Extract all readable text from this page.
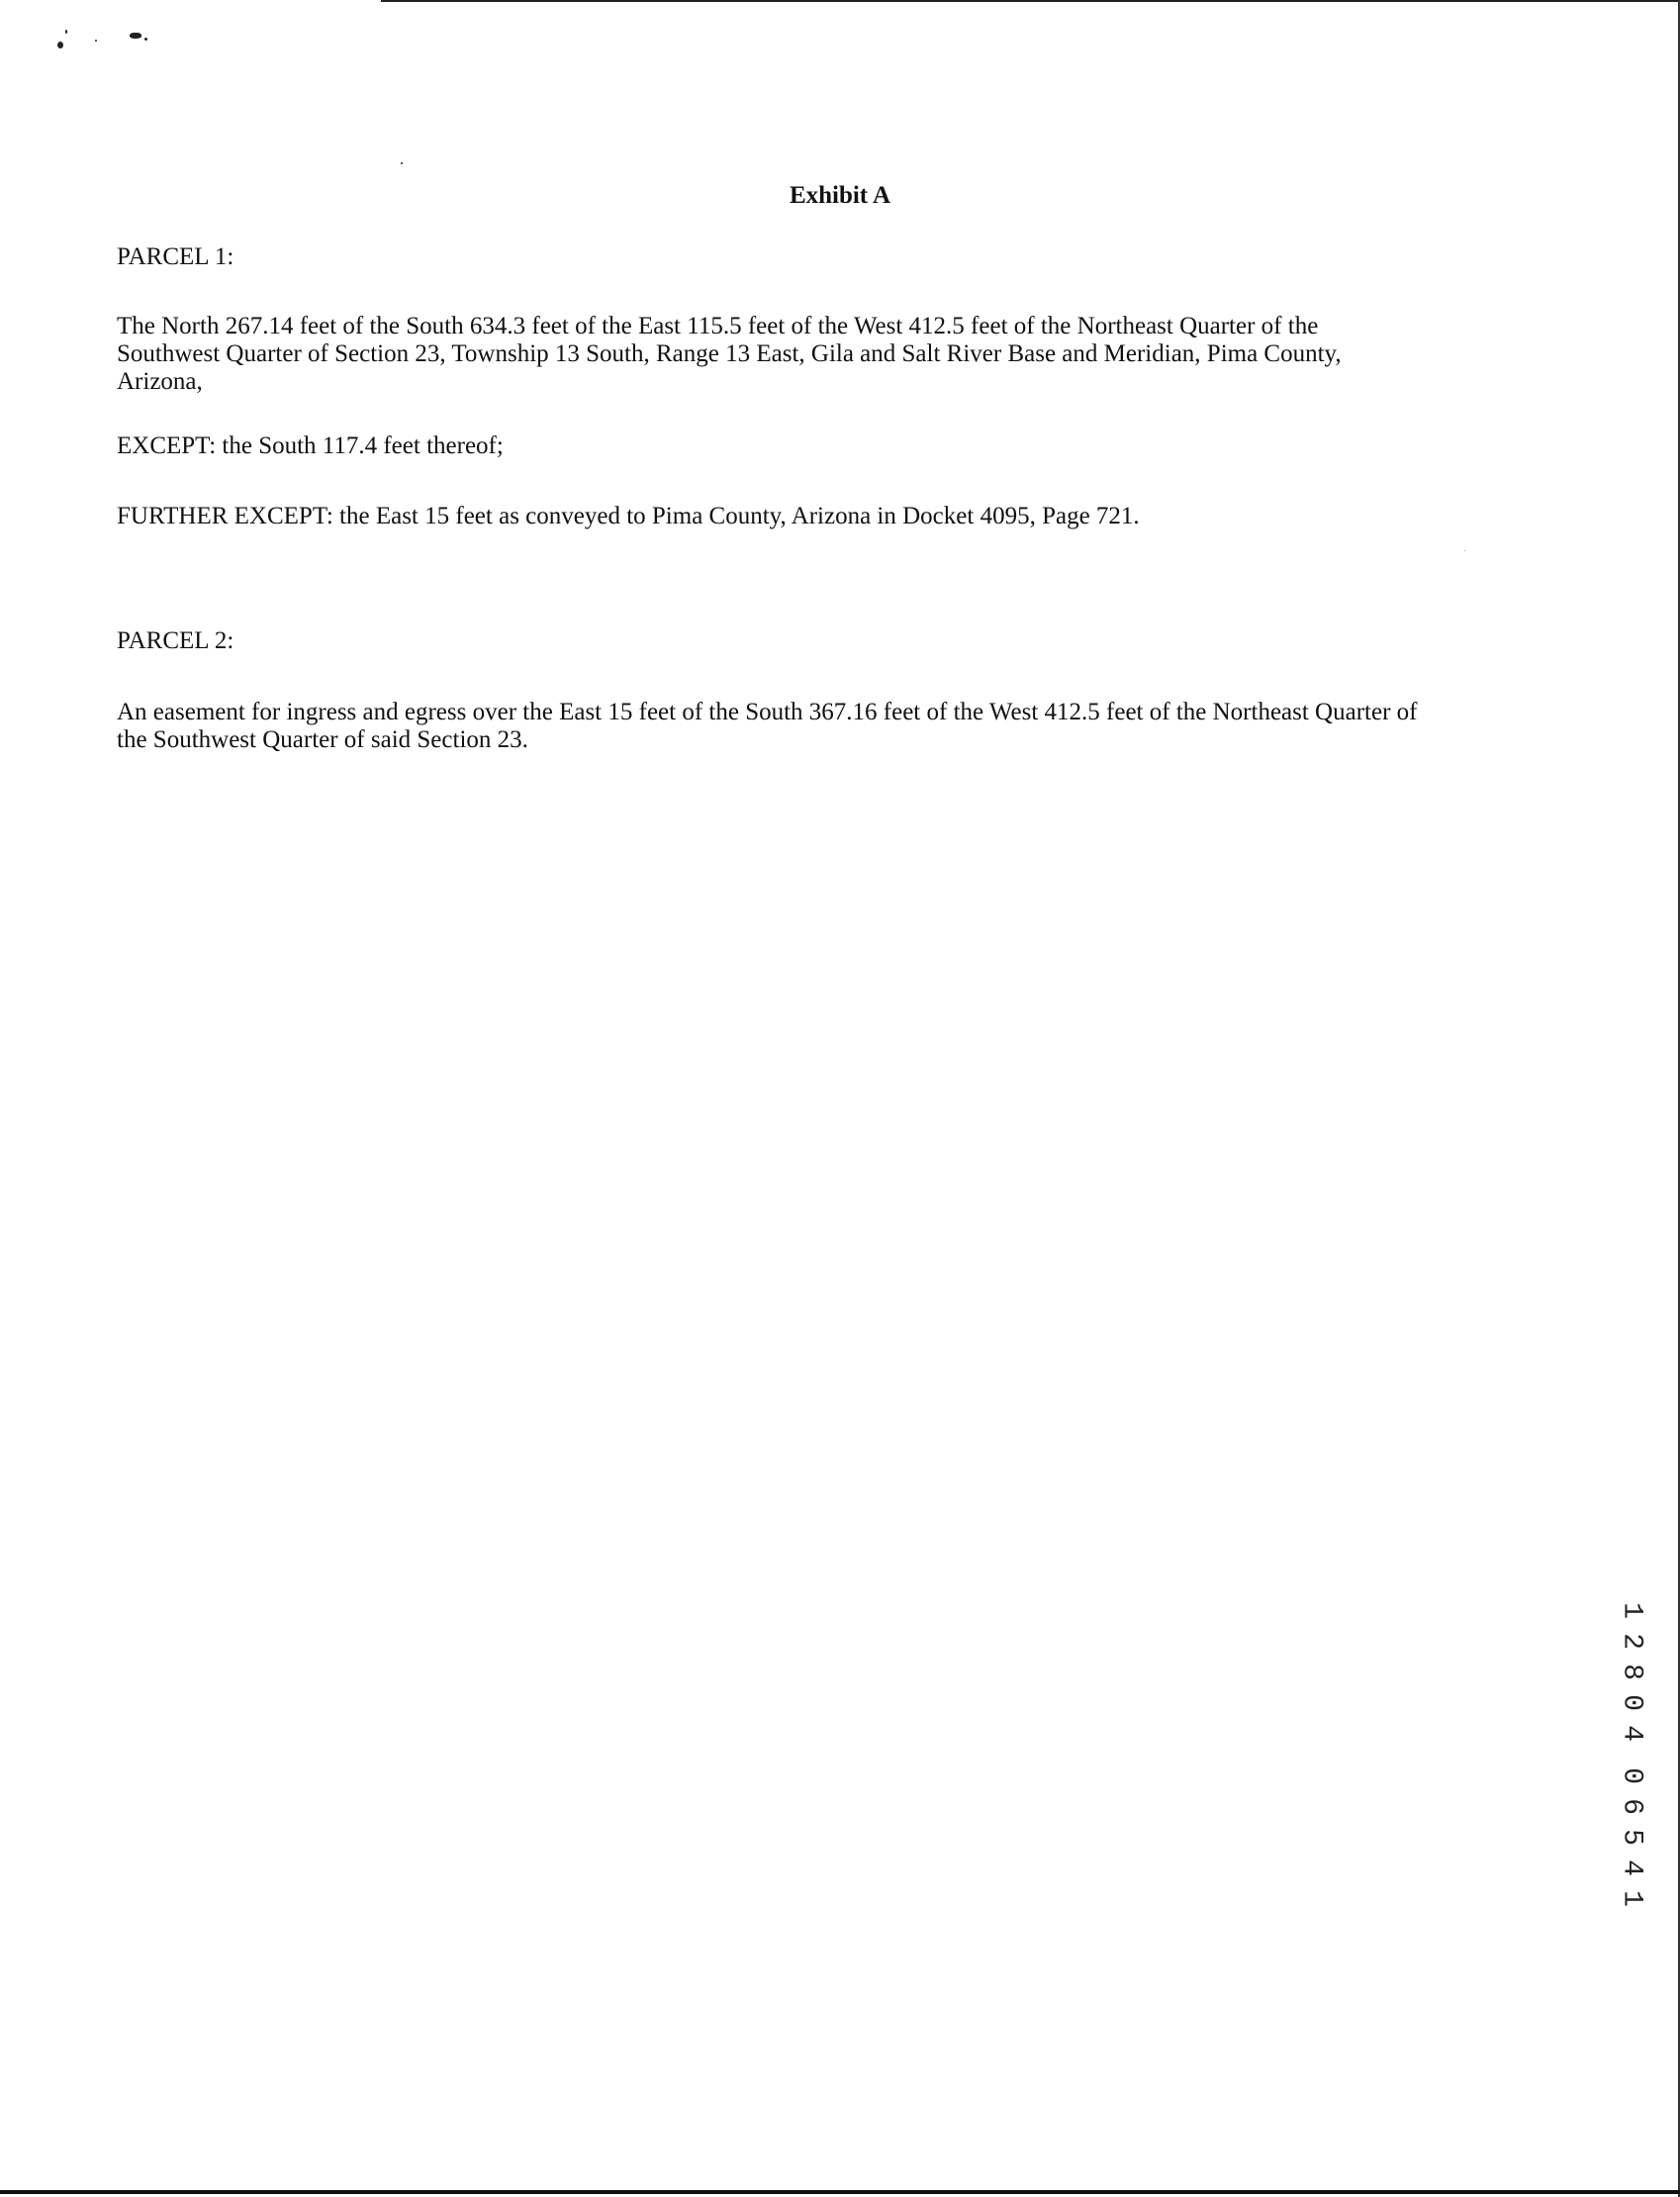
Exhibit A
PARCEL 1:
The North 267.14 feet of the South 634.3 feet of the East 115.5 feet of the West 412.5 feet of the Northeast Quarter of the
Southwest Quarter of Section 23, Township 13 South, Range 13 East, Gila and Salt River Base and Meridian, Pima County,
Arizona,
EXCEPT: the South 117.4 feet thereof;
FURTHER EXCEPT: the East 15 feet as conveyed to Pima County, Arizona in Docket 4095, Page 721.
PARCEL 2:
An easement for ingress and egress over the East 15 feet of the South 367.16 feet of the West 412.5 feet of the Northeast Quarter of
the Southwest Quarter of said Section 23.
1
2
8
0
4
0
6
5
4
1
